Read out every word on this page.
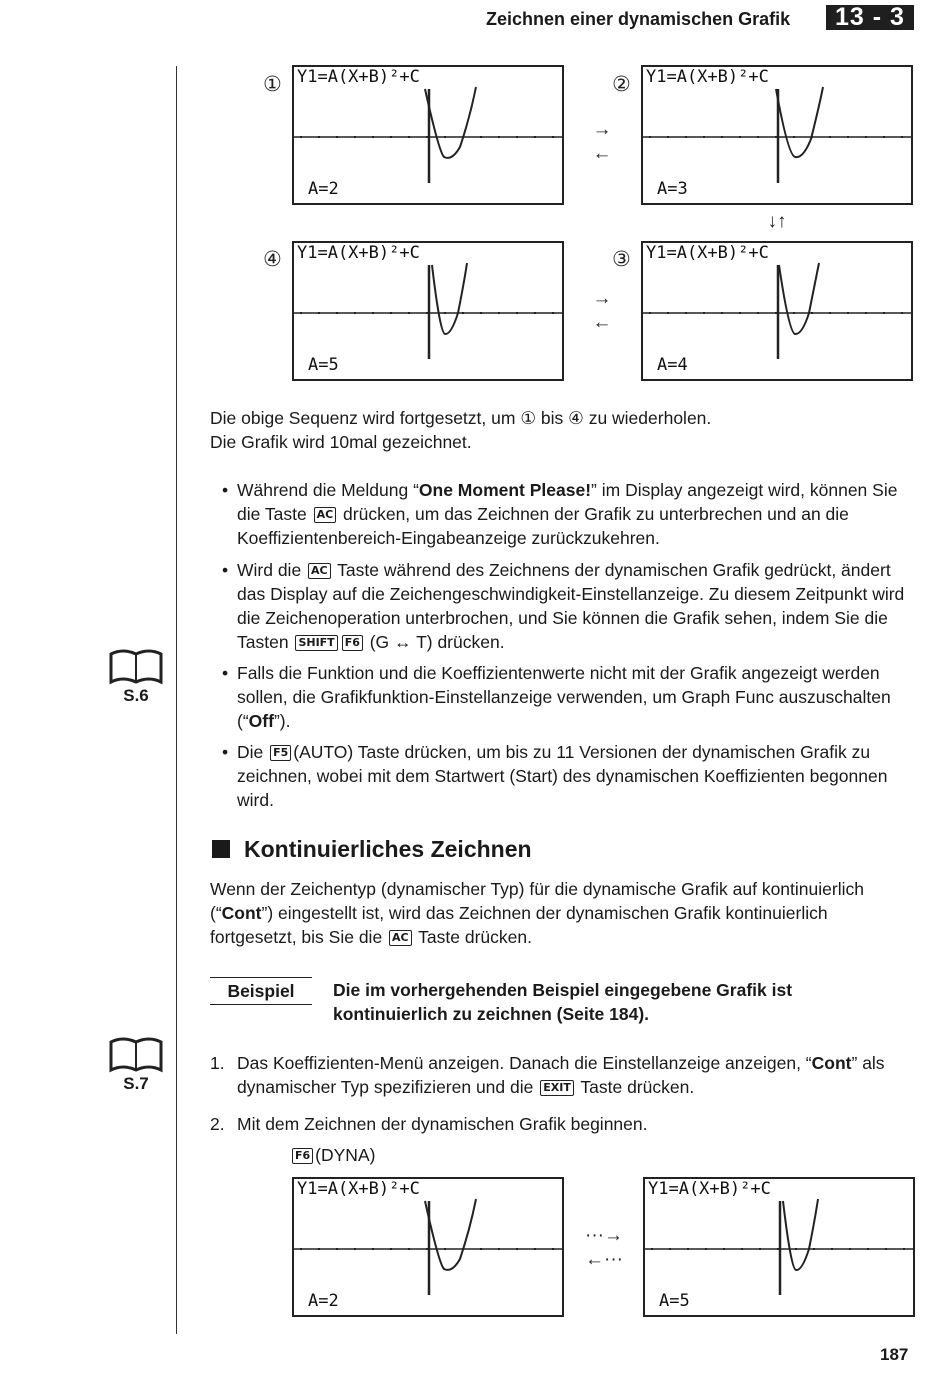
Zeichnen einer dynamischen Grafik	13 - 3
① Y1=A(X+B)²+C
A=2
→
←
② Y1=A(X+B)²+C
A=3
↓↑
④ Y1=A(X+B)²+C
A=5
→
←
③ Y1=A(X+B)²+C
A=4

Die obige Sequenz wird fortgesetzt, um ① bis ④ zu wiederholen.

Die Grafik wird 10mal gezeichnet.

• Während die Meldung “One Moment Please!” im Display angezeigt wird, können Sie die Taste AC drücken, um das Zeichnen der Grafik zu unterbrechen und an die Koeffizientenbereich-Eingabeanzeige zurückzukehren.
• Wird die AC Taste während des Zeichnens der dynamischen Grafik gedrückt, ändert das Display auf die Zeichengeschwindigkeit-Einstellanzeige. Zu diesem Zeitpunkt wird die Zeichenoperation unterbrochen, und Sie können die Grafik sehen, indem Sie die Tasten SHIFT F6 (G ↔ T) drücken.
• Falls die Funktion und die Koeffizientenwerte nicht mit der Grafik angezeigt werden sollen, die Grafikfunktion-Einstellanzeige verwenden, um Graph Func auszuschalten (“Off”).
• Die F5 (AUTO) Taste drücken, um bis zu 11 Versionen der dynamischen Grafik zu zeichnen, wobei mit dem Startwert (Start) des dynamischen Koeffizienten begonnen wird.
S.6
S.7
Kontinuierliches Zeichnen

Wenn der Zeichentyp (dynamischer Typ) für die dynamische Grafik auf kontinuierlich (“Cont”) eingestellt ist, wird das Zeichnen der dynamischen Grafik kontinuierlich fortgesetzt, bis Sie die AC Taste drücken.

Beispiel	Die im vorhergehenden Beispiel eingegebene Grafik ist kontinuierlich zu zeichnen (Seite 184).
1. Das Koeffizienten-Menü anzeigen. Danach die Einstellanzeige anzeigen, “Cont” als dynamischer Typ spezifizieren und die EXIT Taste drücken.
2. Mit dem Zeichnen der dynamischen Grafik beginnen.
F6 (DYNA)
Y1=A(X+B)²+C
A=2
···→
←···
Y1=A(X+B)²+C
A=5
187
